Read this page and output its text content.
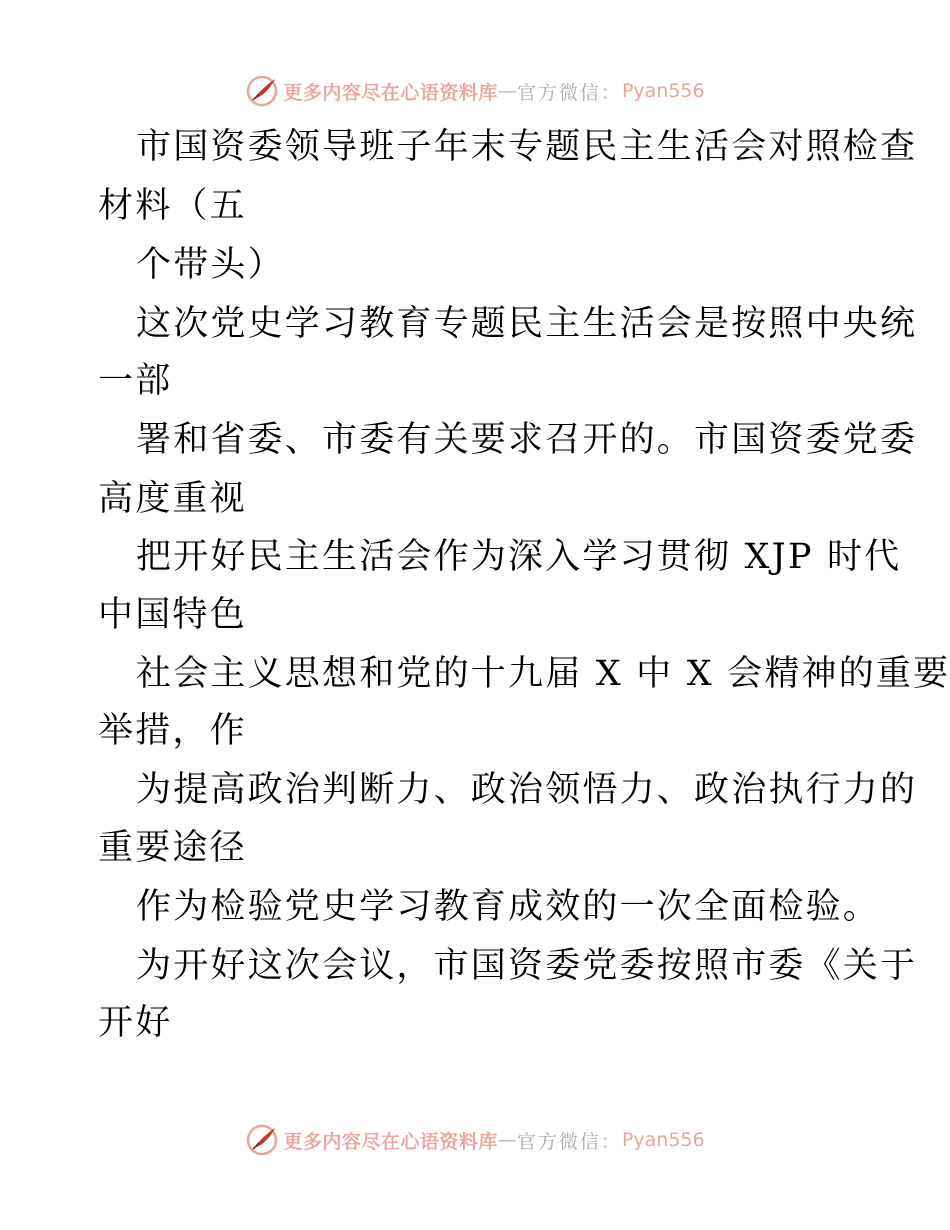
更多内容尽在心语资料库 — 官方微信： Pyan556
市国资委领导班子年末专题民主生活会对照检查
材料（五
个带头）
这次党史学习教育专题民主生活会是按照中央统
一部
署和省委、市委有关要求召开的。市国资委党委
高度重视
把开好民主生活会作为深入学习贯彻 XJP 时代
中国特色
社会主义思想和党的十九届 X 中 X 会精神的重要
举措，作
为提高政治判断力、政治领悟力、政治执行力的
重要途径
作为检验党史学习教育成效的一次全面检验。
为开好这次会议，市国资委党委按照市委《关于
开好
更多内容尽在心语资料库 — 官方微信： Pyan556
